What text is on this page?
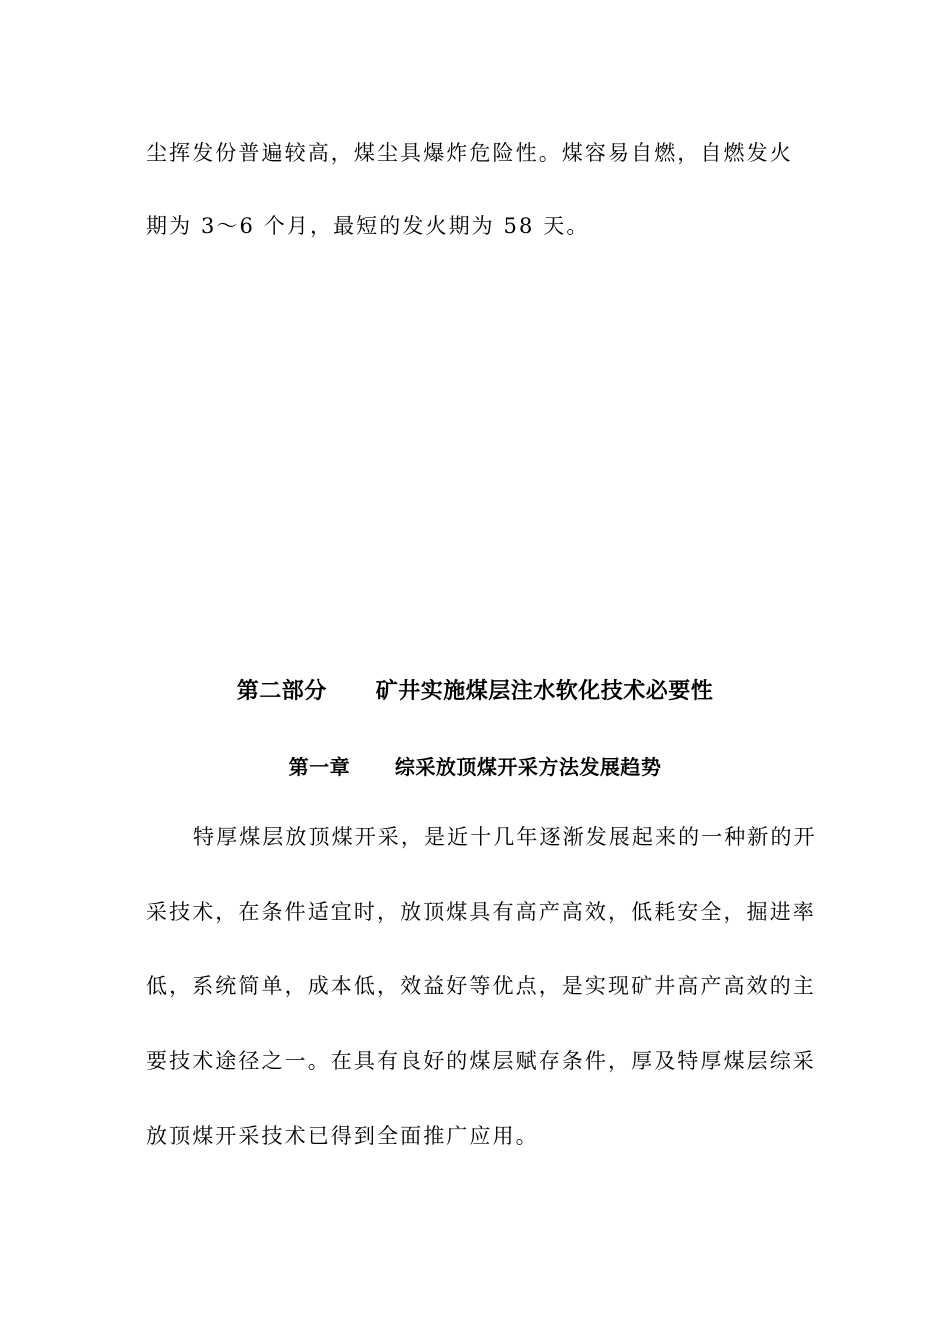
尘挥发份普遍较高，煤尘具爆炸危险性。煤容易自燃，自燃发火
期为 3～6 个月，最短的发火期为 58 天。
第二部分      矿井实施煤层注水软化技术必要性
第一章      综采放顶煤开采方法发展趋势
特厚煤层放顶煤开采，是近十几年逐渐发展起来的一种新的开
采技术，在条件适宜时，放顶煤具有高产高效，低耗安全，掘进率
低，系统简单，成本低，效益好等优点，是实现矿井高产高效的主
要技术途径之一。在具有良好的煤层赋存条件，厚及特厚煤层综采
放顶煤开采技术已得到全面推广应用。
